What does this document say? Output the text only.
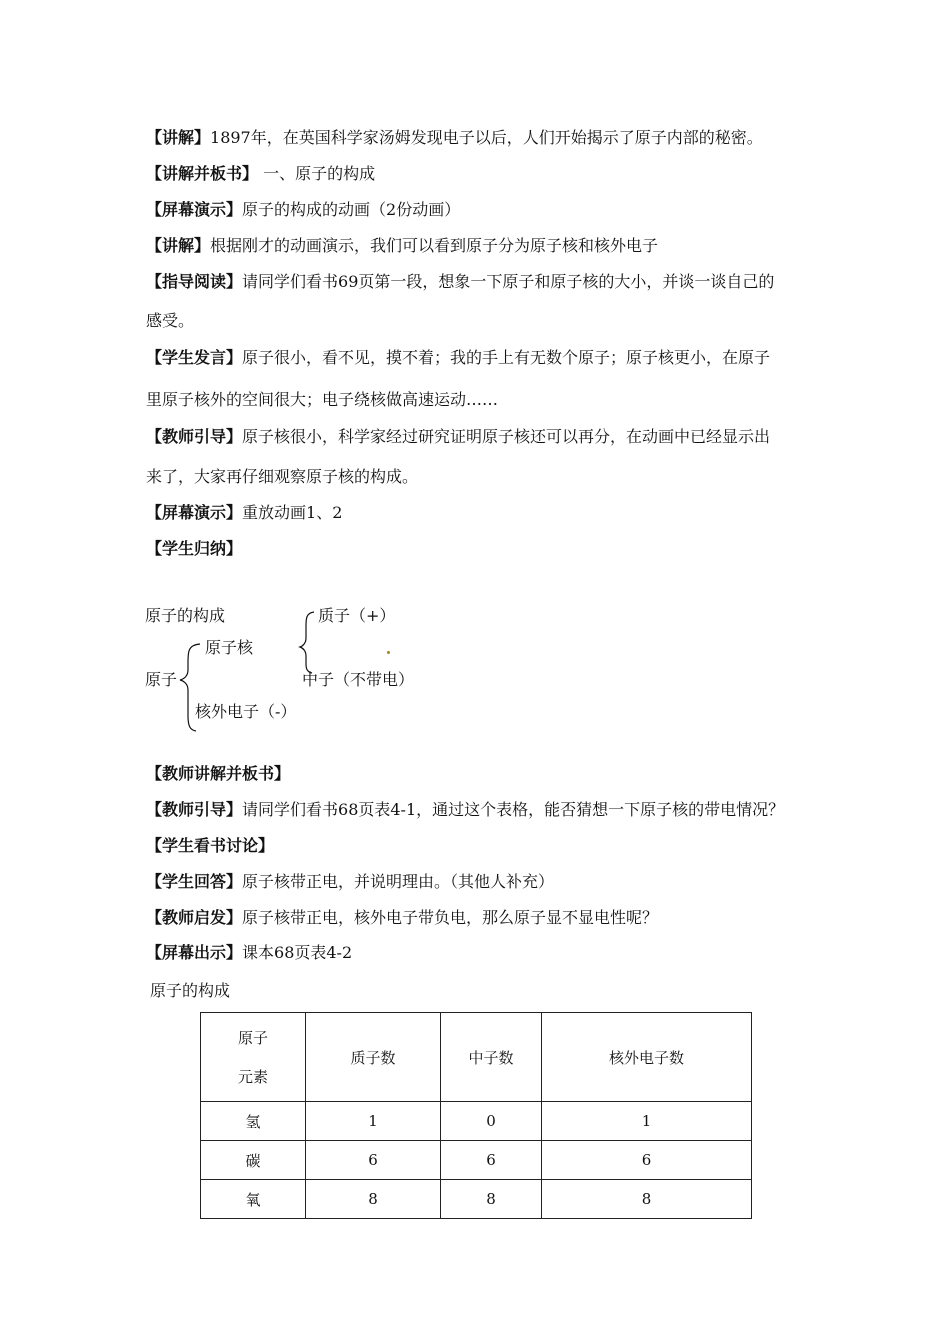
【讲解】1897年，在英国科学家汤姆发现电子以后，人们开始揭示了原子内部的秘密。
【讲解并板书】 一、原子的构成
【屏幕演示】原子的构成的动画（2份动画）
【讲解】根据刚才的动画演示，我们可以看到原子分为原子核和核外电子
【指导阅读】请同学们看书69页第一段，想象一下原子和原子核的大小，并谈一谈自己的
感受。
【学生发言】原子很小，看不见，摸不着；我的手上有无数个原子；原子核更小，在原子
里原子核外的空间很大；电子绕核做高速运动……
【教师引导】原子核很小，科学家经过研究证明原子核还可以再分，在动画中已经显示出
来了，大家再仔细观察原子核的构成。
【屏幕演示】重放动画1、2
【学生归纳】
原子的构成	质子（+）
原子核
原子	中子（不带电）
核外电子（-）
【教师讲解并板书】
【教师引导】请同学们看书68页表4-1，通过这个表格，能否猜想一下原子核的带电情况？
【学生看书讨论】
【学生回答】原子核带正电，并说明理由。（其他人补充）
【教师启发】原子核带正电，核外电子带负电，那么原子显不显电性呢？
【屏幕出示】课本68页表4-2
原子的构成
原子
元素	质子数	中子数	核外电子数
氢	1	0	1
碳	6	6	6
氧	8	8	8
